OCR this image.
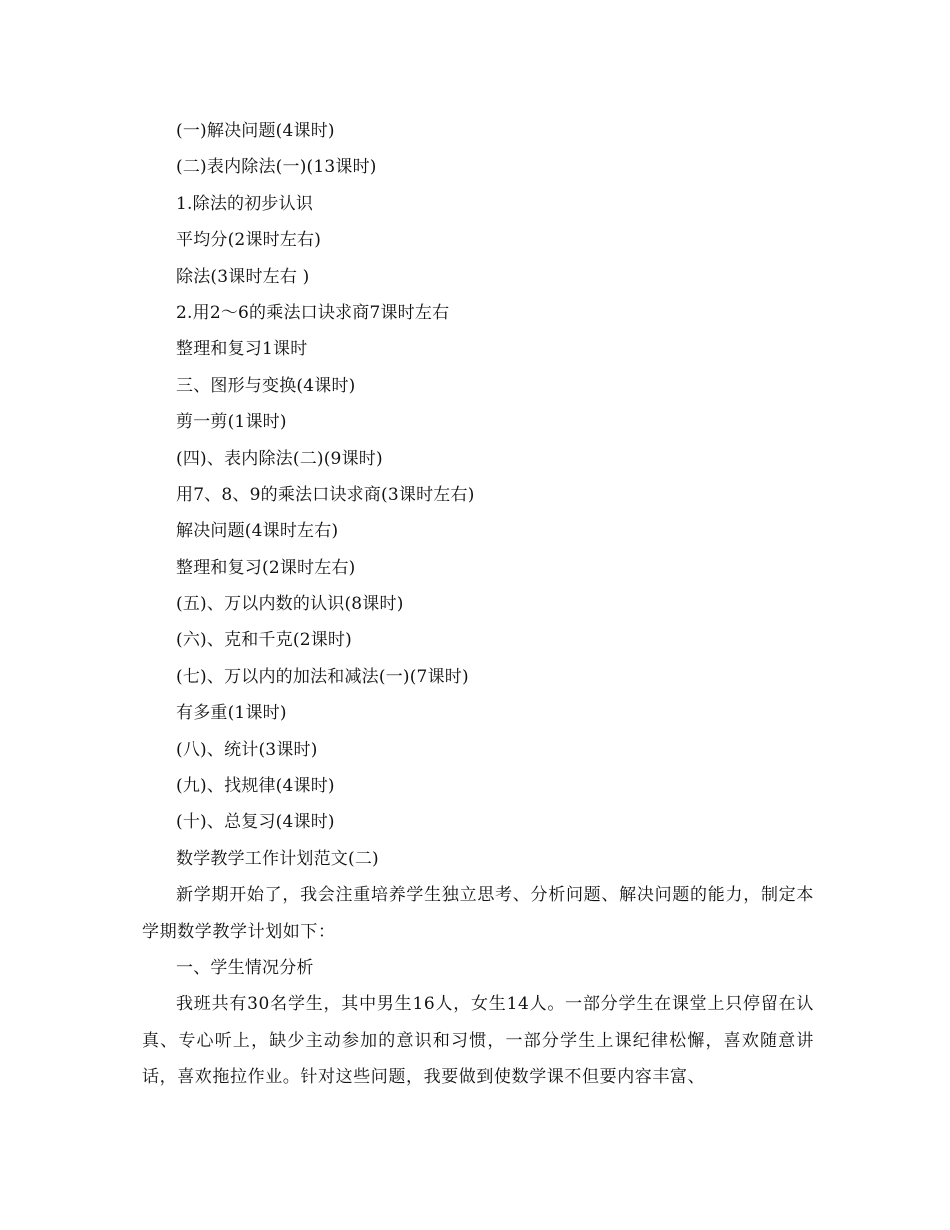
(一)解决问题(4课时)
(二)表内除法(一)(13课时)
1.除法的初步认识
平均分(2课时左右)
除法(3课时左右 )
2.用2～6的乘法口诀求商7课时左右
整理和复习1课时
三、图形与变换(4课时)
剪一剪(1课时)
(四)、表内除法(二)(9课时)
用7、8、9的乘法口诀求商(3课时左右)
解决问题(4课时左右)
整理和复习(2课时左右)
(五)、万以内数的认识(8课时)
(六)、克和千克(2课时)
(七)、万以内的加法和减法(一)(7课时)
有多重(1课时)
(八)、统计(3课时)
(九)、找规律(4课时)
(十)、总复习(4课时)
数学教学工作计划范文(二)

新学期开始了，我会注重培养学生独立思考、分析问题、解决问题的能力，制定本学期数学教学计划如下：

一、学生情况分析

我班共有30名学生，其中男生16人，女生14人。一部分学生在课堂上只停留在认真、专心听上，缺少主动参加的意识和习惯，一部分学生上课纪律松懈，喜欢随意讲话，喜欢拖拉作业。针对这些问题，我要做到使数学课不但要内容丰富、
